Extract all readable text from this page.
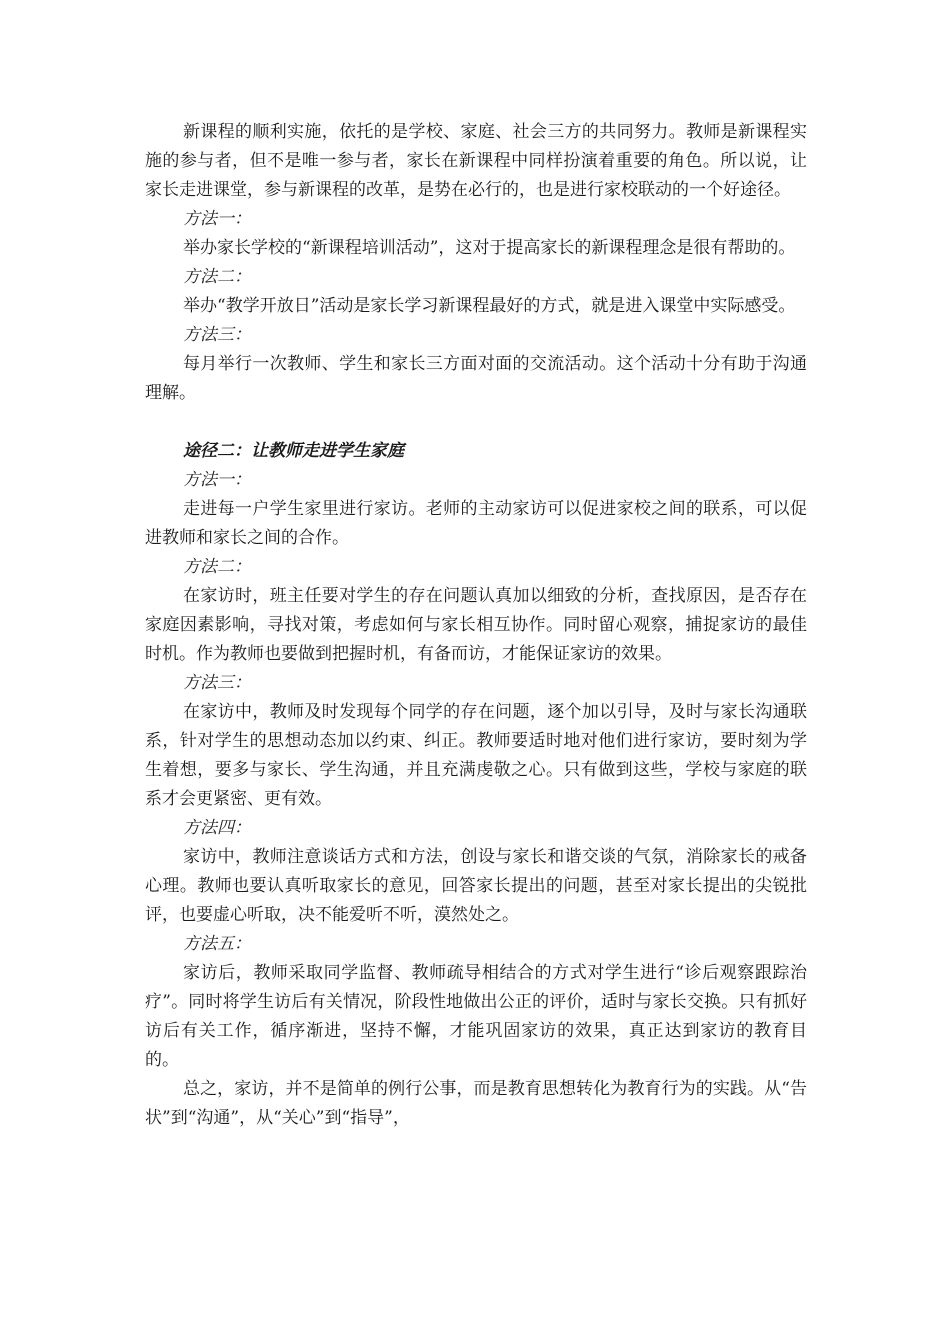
新课程的顺利实施，依托的是学校、家庭、社会三方的共同努力。教师是新课程实施的参与者，但不是唯一参与者，家长在新课程中同样扮演着重要的角色。所以说，让家长走进课堂，参与新课程的改革，是势在必行的，也是进行家校联动的一个好途径。

方法一：

举办家长学校的“新课程培训活动”，这对于提高家长的新课程理念是很有帮助的。

方法二：

举办“教学开放日”活动是家长学习新课程最好的方式，就是进入课堂中实际感受。

方法三：

每月举行一次教师、学生和家长三方面对面的交流活动。这个活动十分有助于沟通理解。

途径二：让教师走进学生家庭

方法一：

走进每一户学生家里进行家访。老师的主动家访可以促进家校之间的联系，可以促进教师和家长之间的合作。

方法二：

在家访时，班主任要对学生的存在问题认真加以细致的分析，查找原因，是否存在家庭因素影响，寻找对策，考虑如何与家长相互协作。同时留心观察，捕捉家访的最佳时机。作为教师也要做到把握时机，有备而访，才能保证家访的效果。

方法三：

在家访中，教师及时发现每个同学的存在问题，逐个加以引导，及时与家长沟通联系，针对学生的思想动态加以约束、纠正。教师要适时地对他们进行家访，要时刻为学生着想，要多与家长、学生沟通，并且充满虔敬之心。只有做到这些，学校与家庭的联系才会更紧密、更有效。

方法四：

家访中，教师注意谈话方式和方法，创设与家长和谐交谈的气氛，消除家长的戒备心理。教师也要认真听取家长的意见，回答家长提出的问题，甚至对家长提出的尖锐批评，也要虚心听取，决不能爱听不听，漠然处之。

方法五：

家访后，教师采取同学监督、教师疏导相结合的方式对学生进行“诊后观察跟踪治疗”。同时将学生访后有关情况，阶段性地做出公正的评价，适时与家长交换。只有抓好访后有关工作，循序渐进，坚持不懈，才能巩固家访的效果，真正达到家访的教育目的。

总之，家访，并不是简单的例行公事，而是教育思想转化为教育行为的实践。从“告状”到“沟通”，从“关心”到“指导”，
